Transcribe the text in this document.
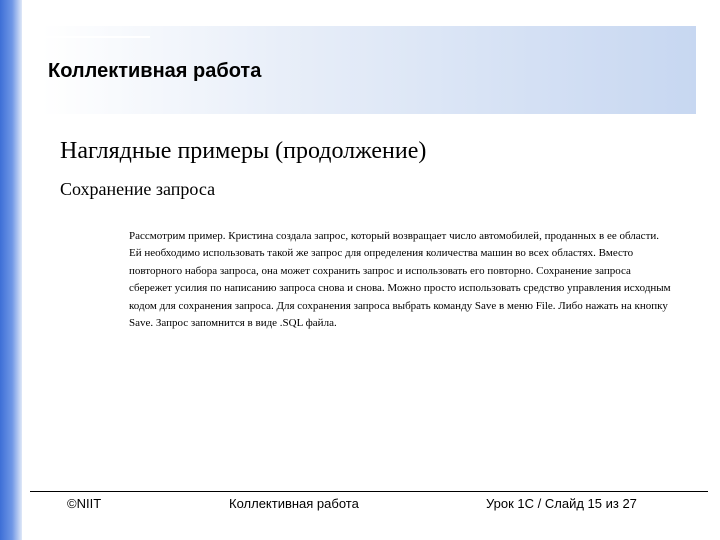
Коллективная работа
Наглядные примеры (продолжение)
Сохранение запроса
Рассмотрим пример. Кристина создала запрос, который возвращает число автомобилей, проданных в ее области. Ей необходимо использовать такой же запрос для определения количества машин во всех областях. Вместо повторного набора запроса, она может сохранить запрос и использовать его повторно. Сохранение запроса сбережет усилия по написанию запроса снова и снова. Можно просто использовать средство управления исходным кодом для сохранения запроса. Для сохранения запроса выбрать команду Save в меню File. Либо нажать на кнопку Save. Запрос запомнится в виде .SQL файла.
©NIIT	Коллективная работа	Урок 1C / Слайд 15 из 27
